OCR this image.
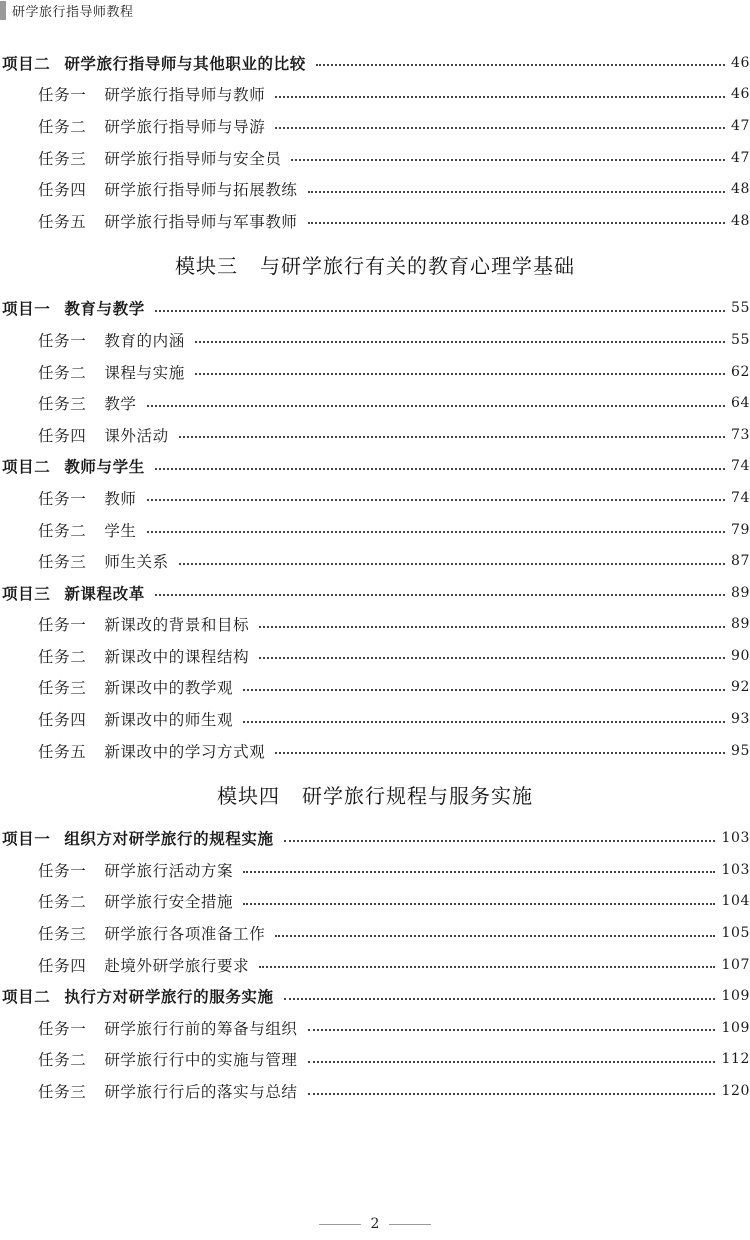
研学旅行指导师教程
项目二 研学旅行指导师与其他职业的比较	46
任务一 研学旅行指导师与教师	46
任务二 研学旅行指导师与导游	47
任务三 研学旅行指导师与安全员	47
任务四 研学旅行指导师与拓展教练	48
任务五 研学旅行指导师与军事教师	48
模块三 与研学旅行有关的教育心理学基础
项目一 教育与教学	55
任务一 教育的内涵	55
任务二 课程与实施	62
任务三 教学	64
任务四 课外活动	73
项目二 教师与学生	74
任务一 教师	74
任务二 学生	79
任务三 师生关系	87
项目三 新课程改革	89
任务一 新课改的背景和目标	89
任务二 新课改中的课程结构	90
任务三 新课改中的教学观	92
任务四 新课改中的师生观	93
任务五 新课改中的学习方式观	95
模块四 研学旅行规程与服务实施
项目一 组织方对研学旅行的规程实施	103
任务一 研学旅行活动方案	103
任务二 研学旅行安全措施	104
任务三 研学旅行各项准备工作	105
任务四 赴境外研学旅行要求	107
项目二 执行方对研学旅行的服务实施	109
任务一 研学旅行行前的筹备与组织	109
任务二 研学旅行行中的实施与管理	112
任务三 研学旅行行后的落实与总结	120
2
